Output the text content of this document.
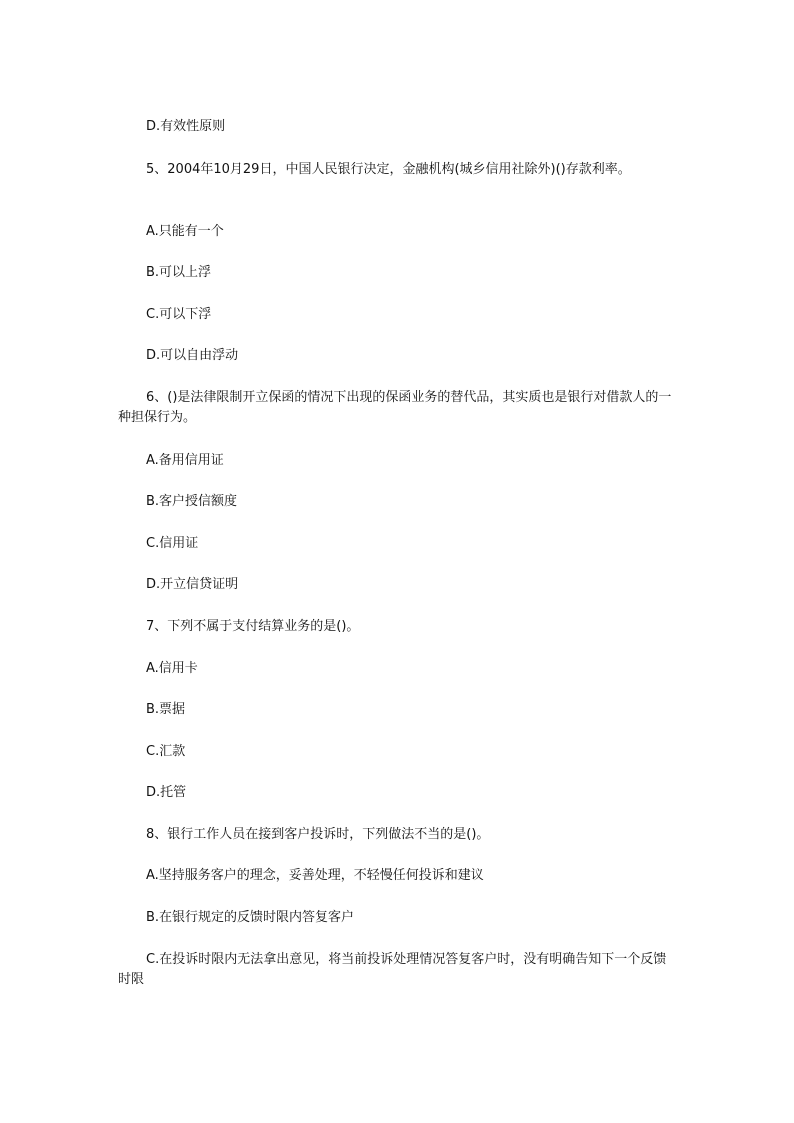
D.有效性原则
5、2004年10月29日，中国人民银行决定，金融机构(城乡信用社除外)()存款利率。
A.只能有一个
B.可以上浮
C.可以下浮
D.可以自由浮动
6、()是法律限制开立保函的情况下出现的保函业务的替代品，其实质也是银行对借款人的一种担保行为。
A.备用信用证
B.客户授信额度
C.信用证
D.开立信贷证明
7、下列不属于支付结算业务的是()。
A.信用卡
B.票据
C.汇款
D.托管
8、银行工作人员在接到客户投诉时，下列做法不当的是()。
A.坚持服务客户的理念，妥善处理，不轻慢任何投诉和建议
B.在银行规定的反馈时限内答复客户
C.在投诉时限内无法拿出意见，将当前投诉处理情况答复客户时，没有明确告知下一个反馈时限
